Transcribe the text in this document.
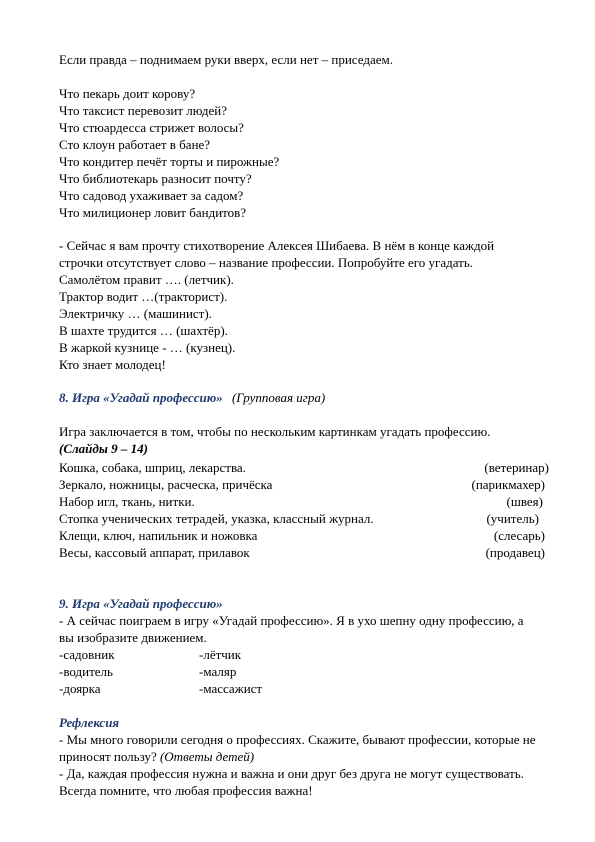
Если правда – поднимаем руки вверх, если нет – приседаем.
Что пекарь доит корову?
Что таксист перевозит людей?
Что стюардесса стрижет волосы?
Сто клоун работает в бане?
Что кондитер печёт торты и пирожные?
Что библиотекарь разносит почту?
Что садовод ухаживает за садом?
Что милиционер ловит бандитов?
- Сейчас я вам прочту стихотворение Алексея Шибаева. В нём в конце каждой строчки отсутствует слово – название профессии. Попробуйте его угадать.
Самолётом правит …. (летчик).
Трактор водит …(тракторист).
Электричку … (машинист).
В шахте трудится … (шахтёр).
В жаркой кузнице - … (кузнец).
Кто знает молодец!
8. Игра «Угадай профессию» (Групповая игра)
Игра заключается в том, чтобы по нескольким картинкам угадать профессию.
(Слайды 9 – 14)
Кошка, собака, шприц, лекарства.	(ветеринар)
Зеркало, ножницы, расческа, причёска	(парикмахер)
Набор игл, ткань, нитки.	(швея)
Стопка ученических тетрадей, указка, классный журнал.	(учитель)
Клещи, ключ, напильник и ножовка	(слесарь)
Весы, кассовый аппарат, прилавок	(продавец)
9. Игра «Угадай профессию»
- А сейчас поиграем в игру «Угадай профессию». Я в ухо шепну одну профессию, а вы изобразите движением.
-садовник	-лётчик
-водитель	-маляр
-доярка	-массажист
Рефлексия
- Мы много говорили сегодня о профессиях. Скажите, бывают профессии, которые не приносят пользу? (Ответы детей)
- Да, каждая профессия нужна и важна и они друг без друга не могут существовать. Всегда помните, что любая профессия важна!
